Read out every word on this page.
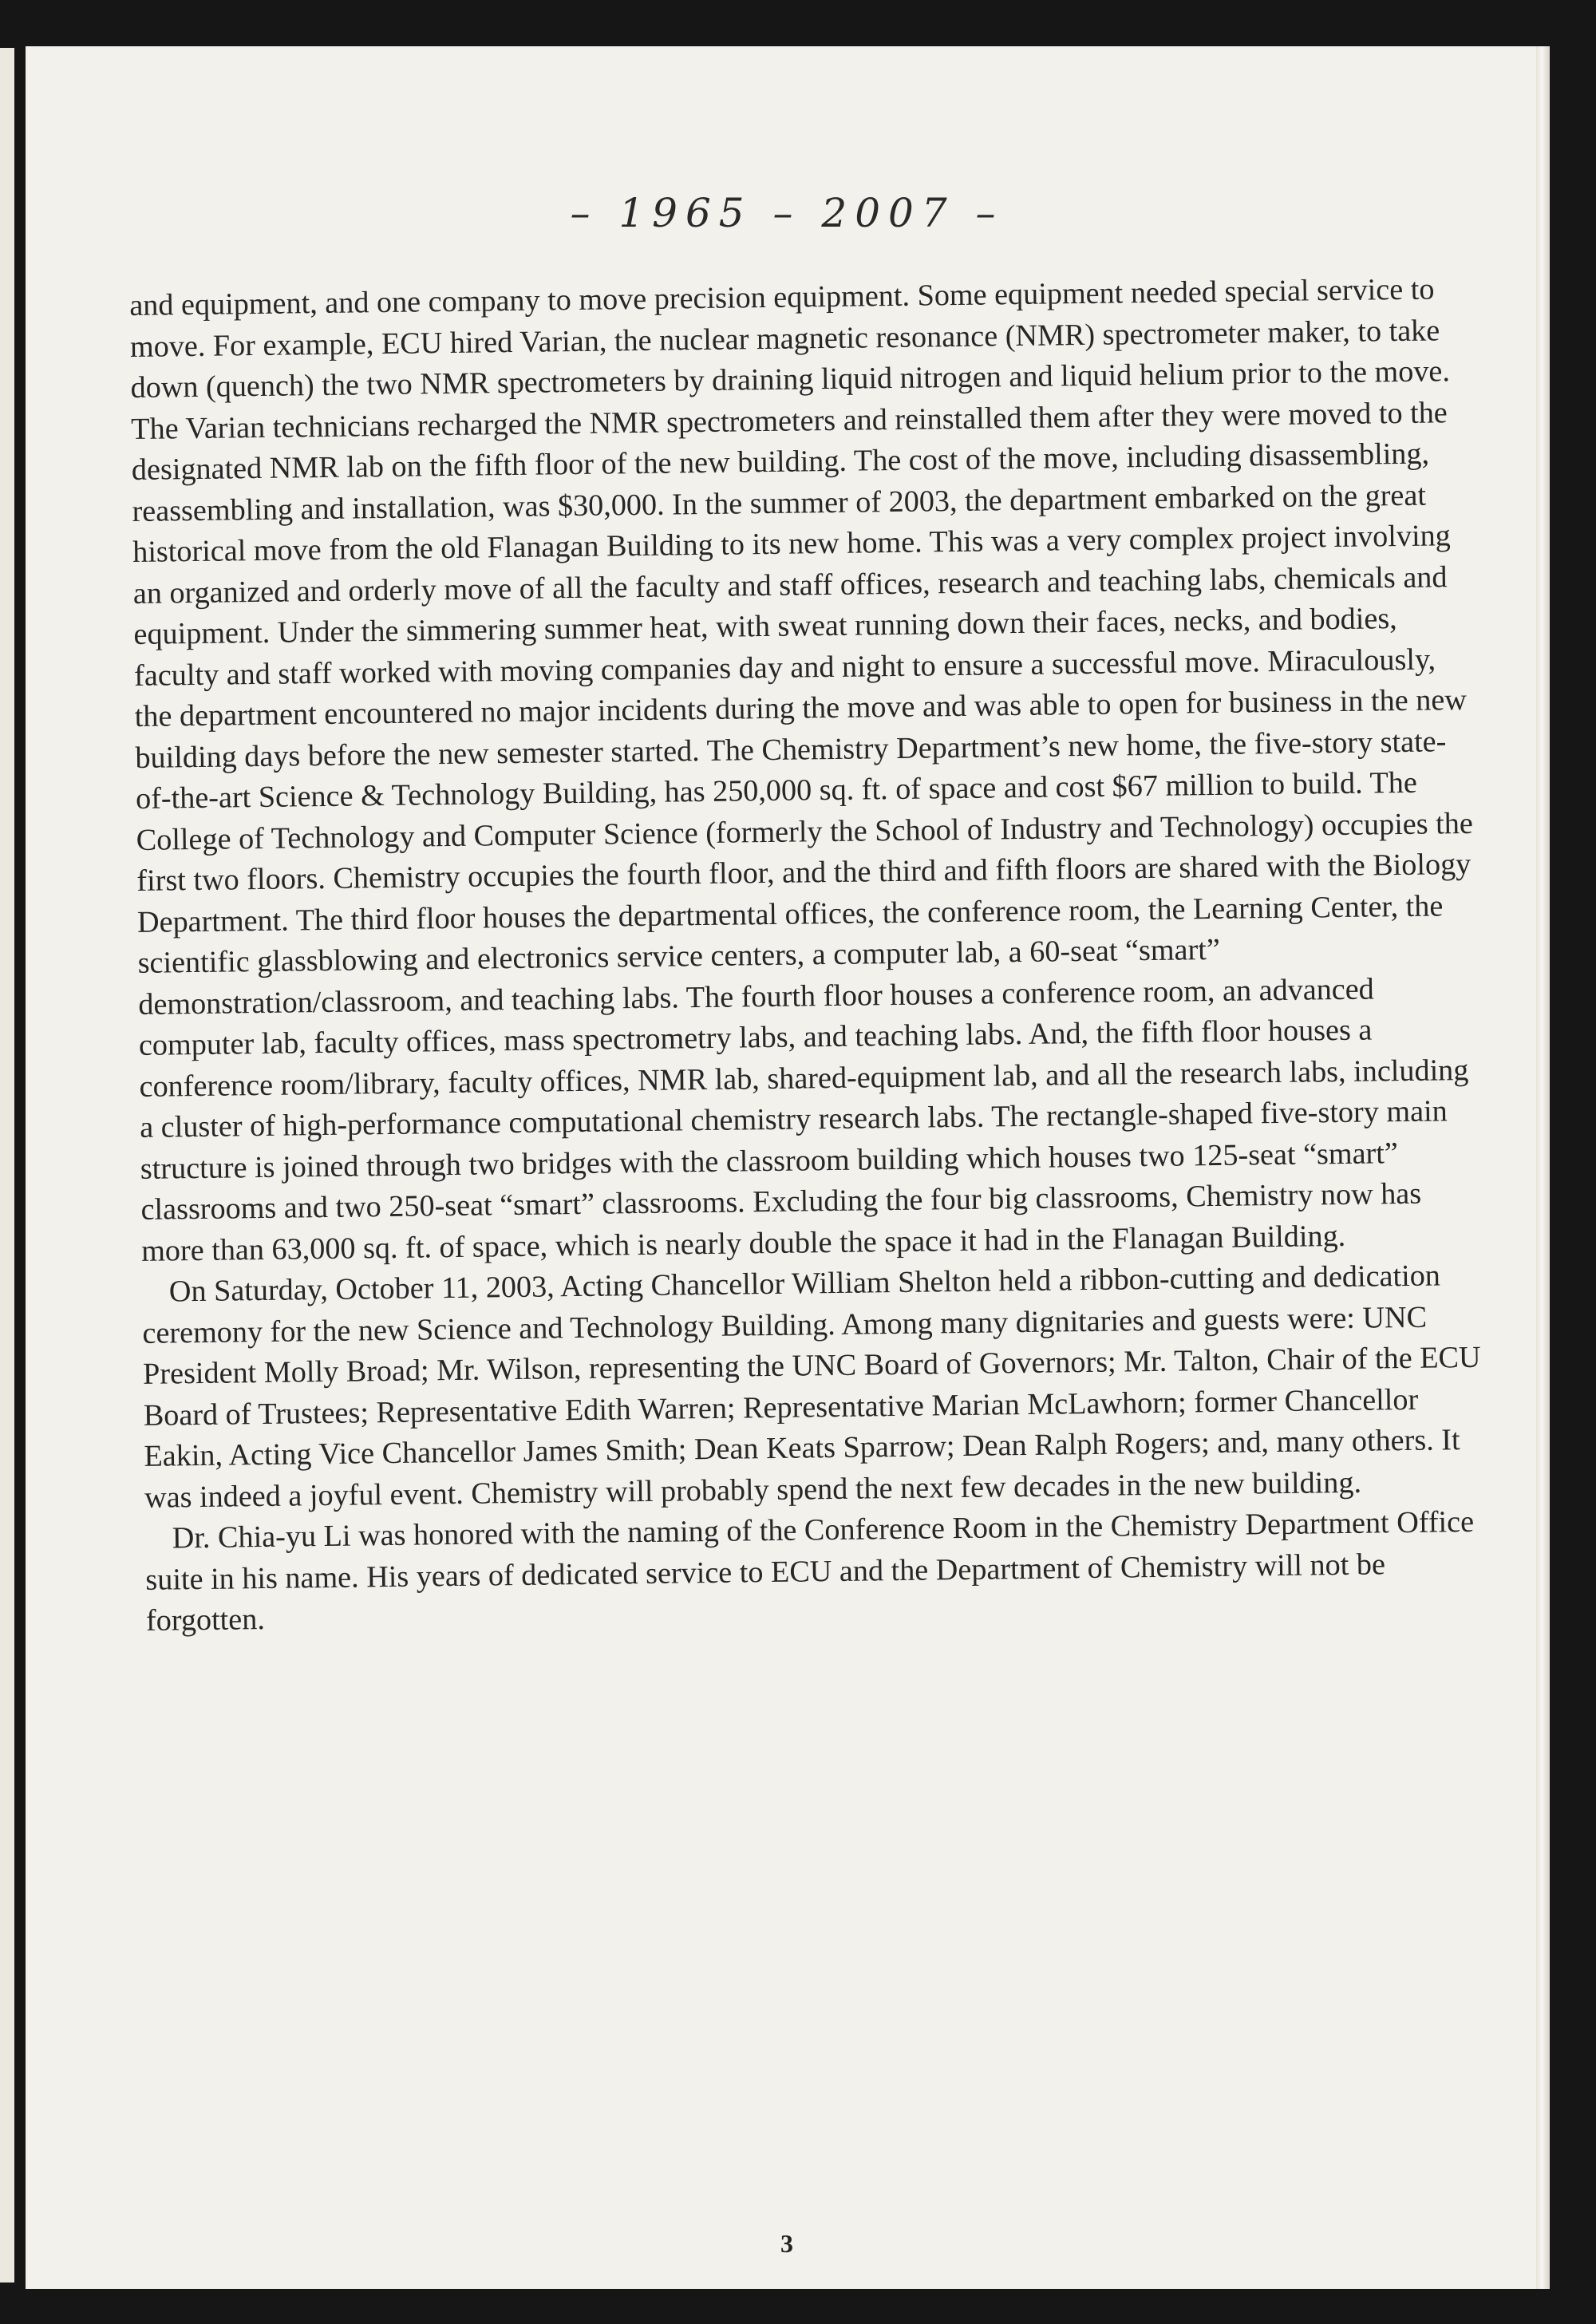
– 1965 – 2007 –

and equipment, and one company to move precision equipment. Some equipment needed special service to move. For example, ECU hired Varian, the nuclear magnetic resonance (NMR) spectrometer maker, to take down (quench) the two NMR spectrometers by draining liquid nitrogen and liquid helium prior to the move. The Varian technicians recharged the NMR spectrometers and reinstalled them after they were moved to the designated NMR lab on the fifth floor of the new building. The cost of the move, including disassembling, reassembling and installation, was $30,000. In the summer of 2003, the department embarked on the great historical move from the old Flanagan Building to its new home. This was a very complex project involving an organized and orderly move of all the faculty and staff offices, research and teaching labs, chemicals and equipment. Under the simmering summer heat, with sweat running down their faces, necks, and bodies, faculty and staff worked with moving companies day and night to ensure a successful move. Miraculously, the department encountered no major incidents during the move and was able to open for business in the new building days before the new semester started. The Chemistry Department’s new home, the five-story state-of-the-art Science & Technology Building, has 250,000 sq. ft. of space and cost $67 million to build. The College of Technology and Computer Science (formerly the School of Industry and Technology) occupies the first two floors. Chemistry occupies the fourth floor, and the third and fifth floors are shared with the Biology Department. The third floor houses the departmental offices, the conference room, the Learning Center, the scientific glassblowing and electronics service centers, a computer lab, a 60-seat “smart” demonstration/classroom, and teaching labs. The fourth floor houses a conference room, an advanced computer lab, faculty offices, mass spectrometry labs, and teaching labs. And, the fifth floor houses a conference room/library, faculty offices, NMR lab, shared-equipment lab, and all the research labs, including a cluster of high-performance computational chemistry research labs. The rectangle-shaped five-story main structure is joined through two bridges with the classroom building which houses two 125-seat “smart” classrooms and two 250-seat “smart” classrooms. Excluding the four big classrooms, Chemistry now has more than 63,000 sq. ft. of space, which is nearly double the space it had in the Flanagan Building.

On Saturday, October 11, 2003, Acting Chancellor William Shelton held a ribbon-cutting and dedication ceremony for the new Science and Technology Building. Among many dignitaries and guests were: UNC President Molly Broad; Mr. Wilson, representing the UNC Board of Governors; Mr. Talton, Chair of the ECU Board of Trustees; Representative Edith Warren; Representative Marian McLawhorn; former Chancellor Eakin, Acting Vice Chancellor James Smith; Dean Keats Sparrow; Dean Ralph Rogers; and, many others. It was indeed a joyful event. Chemistry will probably spend the next few decades in the new building.

Dr. Chia-yu Li was honored with the naming of the Conference Room in the Chemistry Department Office suite in his name. His years of dedicated service to ECU and the Department of Chemistry will not be forgotten.

3
